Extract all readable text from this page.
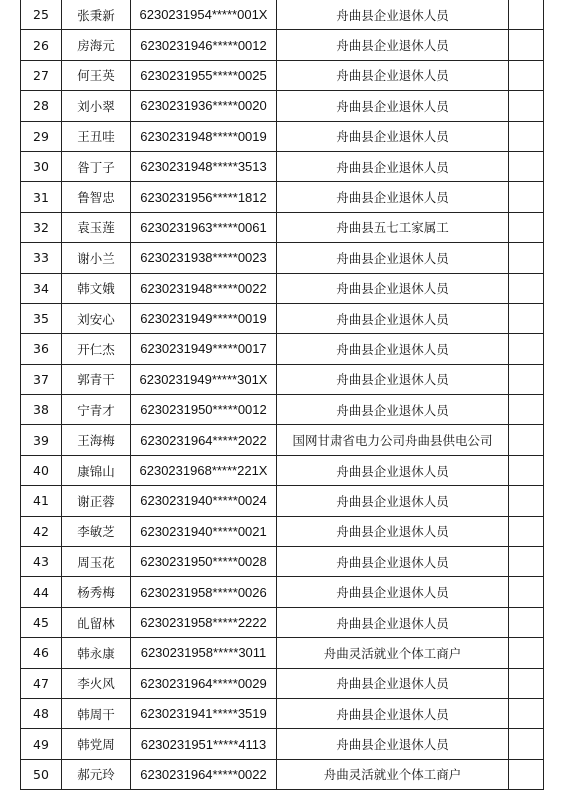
25	张秉新	6230231954*****001X	舟曲县企业退休人员	
26	房海元	6230231946*****0012	舟曲县企业退休人员	
27	何王英	6230231955*****0025	舟曲县企业退休人员	
28	刘小翠	6230231936*****0020	舟曲县企业退休人员	
29	王丑哇	6230231948*****0019	舟曲县企业退休人员	
30	昝丁子	6230231948*****3513	舟曲县企业退休人员	
31	鲁智忠	6230231956*****1812	舟曲县企业退休人员	
32	袁玉莲	6230231963*****0061	舟曲县五七工家属工	
33	谢小兰	6230231938*****0023	舟曲县企业退休人员	
34	韩文娥	6230231948*****0022	舟曲县企业退休人员	
35	刘安心	6230231949*****0019	舟曲县企业退休人员	
36	开仁杰	6230231949*****0017	舟曲县企业退休人员	
37	郭青干	6230231949*****301X	舟曲县企业退休人员	
38	宁青才	6230231950*****0012	舟曲县企业退休人员	
39	王海梅	6230231964*****2022	国网甘肃省电力公司舟曲县供电公司	
40	康锦山	6230231968*****221X	舟曲县企业退休人员	
41	谢正蓉	6230231940*****0024	舟曲县企业退休人员	
42	李敏芝	6230231940*****0021	舟曲县企业退休人员	
43	周玉花	6230231950*****0028	舟曲县企业退休人员	
44	杨秀梅	6230231958*****0026	舟曲县企业退休人员	
45	癿留林	6230231958*****2222	舟曲县企业退休人员	
46	韩永康	6230231958*****3011	舟曲灵活就业个体工商户	
47	李火风	6230231964*****0029	舟曲县企业退休人员	
48	韩周干	6230231941*****3519	舟曲县企业退休人员	
49	韩党周	6230231951*****4113	舟曲县企业退休人员	
50	郝元玲	6230231964*****0022	舟曲灵活就业个体工商户	
